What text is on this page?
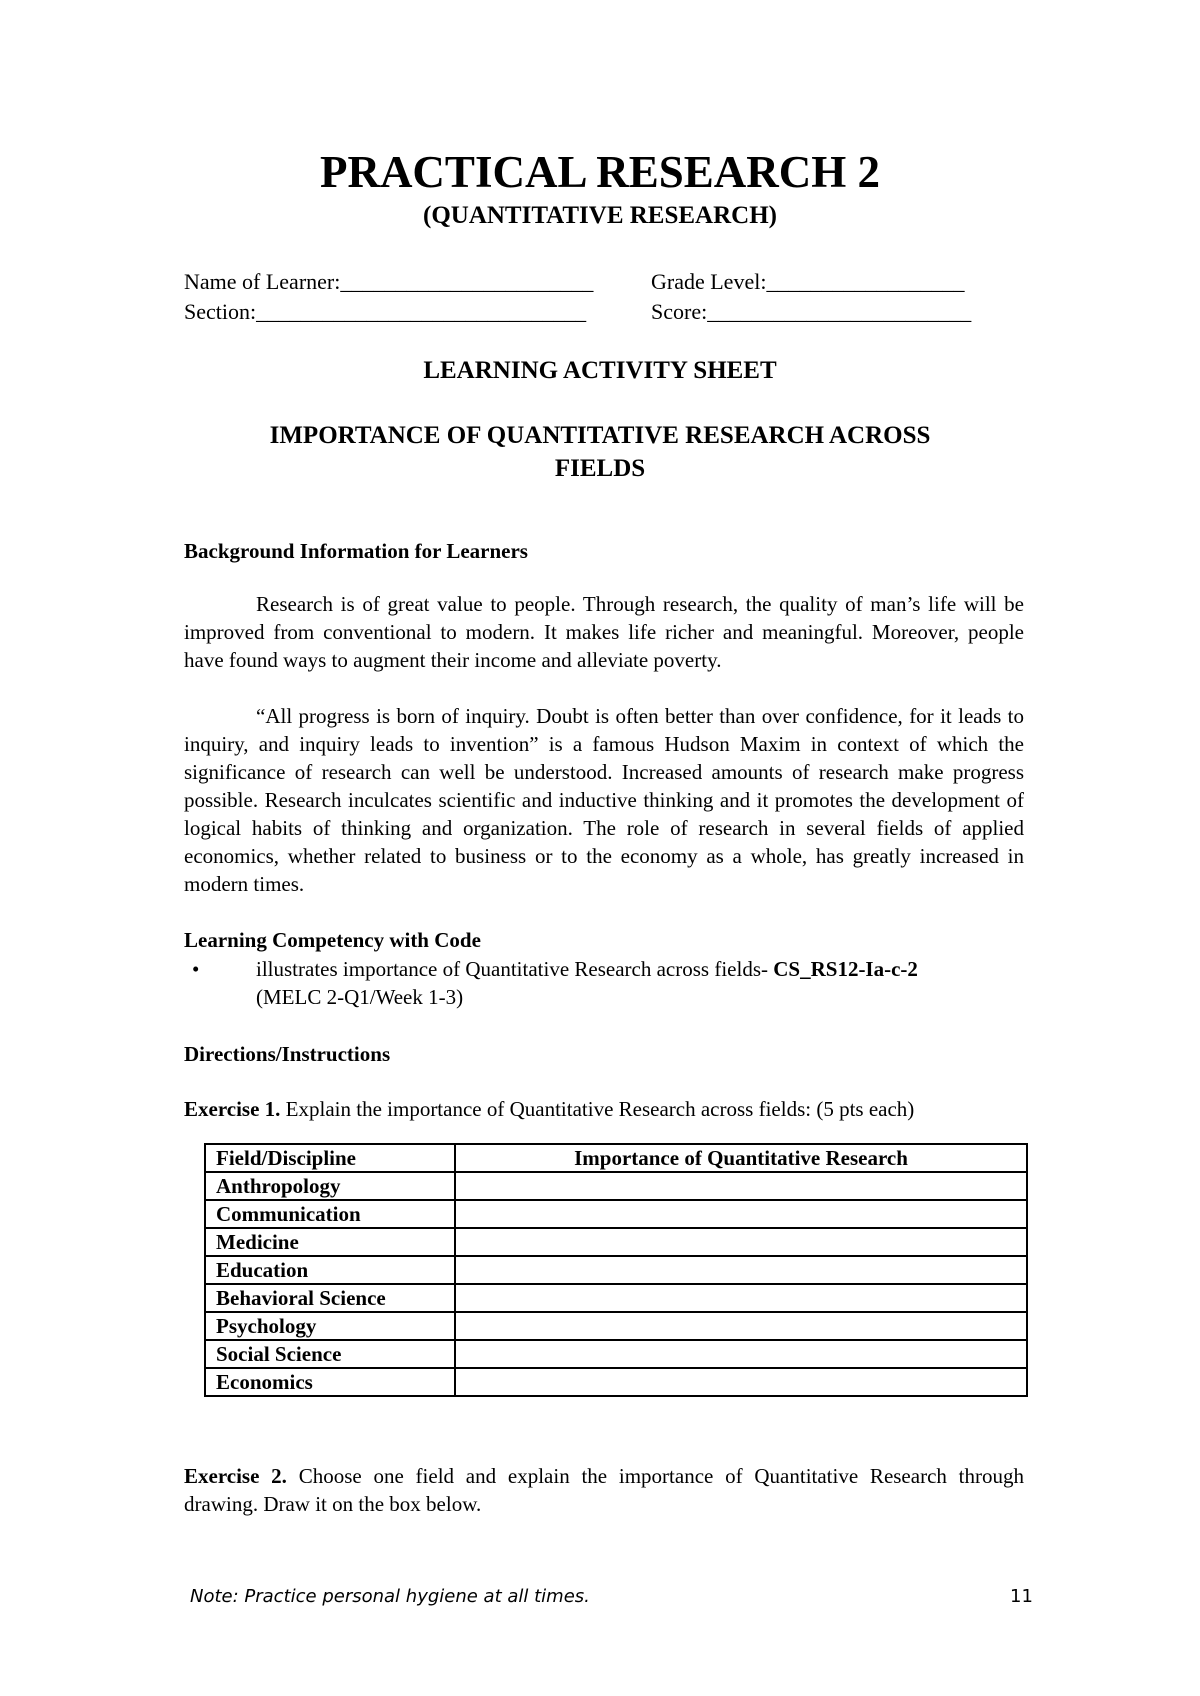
PRACTICAL RESEARCH 2
(QUANTITATIVE RESEARCH)
Name of Learner:_______________________	Grade Level:__________________
Section:______________________________	Score:________________________
LEARNING ACTIVITY SHEET
IMPORTANCE OF QUANTITATIVE RESEARCH ACROSS
FIELDS
Background Information for Learners

Research is of great value to people. Through research, the quality of man’s life will be improved from conventional to modern. It makes life richer and meaningful. Moreover, people have found ways to augment their income and alleviate poverty.

“All progress is born of inquiry. Doubt is often better than over confidence, for it leads to inquiry, and inquiry leads to invention” is a famous Hudson Maxim in context of which the significance of research can well be understood. Increased amounts of research make progress possible. Research inculcates scientific and inductive thinking and it promotes the development of logical habits of thinking and organization. The role of research in several fields of applied economics, whether related to business or to the economy as a whole, has greatly increased in modern times.

Learning Competency with Code
•	illustrates importance of Quantitative Research across fields- CS_RS12-Ia-c-2
(MELC 2-Q1/Week 1-3)
Directions/Instructions
Exercise 1. Explain the importance of Quantitative Research across fields: (5 pts each)
Field/Discipline	Importance of Quantitative Research
Anthropology	
Communication	
Medicine	
Education	
Behavioral Science	
Psychology	
Social Science	
Economics	

Exercise 2. Choose one field and explain the importance of Quantitative Research through drawing. Draw it on the box below.

Note: Practice personal hygiene at all times.	11
